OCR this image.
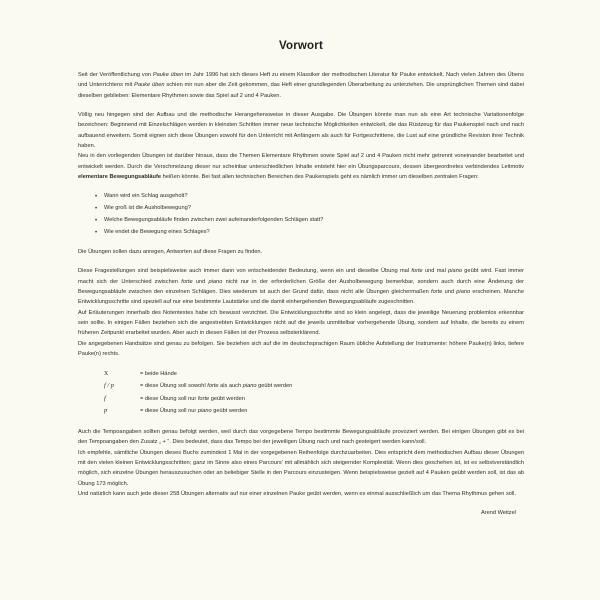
Vorwort

Seit der Veröffentlichung von Pauke üben im Jahr 1996 hat sich dieses Heft zu einem Klassiker der methodischen Literatur für Pauke entwickelt. Nach vielen Jahren des Übens und Unterrichtens mit Pauke üben schien mir nun aber die Zeit gekommen, das Heft einer grundlegenden Überarbeitung zu unterziehen. Die ursprünglichen Themen sind dabei dieselben geblieben: Elementare Rhythmen sowie das Spiel auf 2 und 4 Pauken.

Völlig neu hingegen sind der Aufbau und die methodische Herangehensweise in dieser Ausgabe. Die Übungen könnte man nun als eine Art technische Variationenfolge bezeichnen: Beginnend mit Einzelschlägen werden in kleinsten Schritten immer neue technische Möglichkeiten entwickelt, die das Rüstzeug für das Paukenspiel nach und nach aufbauend erweitern. Somit eignen sich diese Übungen sowohl für den Unterricht mit Anfängern als auch für Fortgeschrittene, die Lust auf eine gründliche Revision ihrer Technik haben.

Neu in den vorliegenden Übungen ist darüber hinaus, dass die Themen Elementare Rhythmen sowie Spiel auf 2 und 4 Pauken nicht mehr getrennt voneinander bearbeitet und entwickelt werden. Durch die Verschmelzung dieser nur scheinbar unterschiedlichen Inhalte entsteht hier ein Übungsparcours, dessen übergeordnetes verbindendes Leitmotiv elementare Bewegungsabläufe heißen könnte. Bei fast allen technischen Bereichen des Paukenspiels geht es nämlich immer um dieselben zentralen Fragen:

• Wann wird ein Schlag ausgeholt?
• Wie groß ist die Ausholbewegung?
• Welche Bewegungsabläufe finden zwischen zwei aufeinanderfolgenden Schlägen statt?
• Wie endet die Bewegung eines Schlages?

Die Übungen sollen dazu anregen, Antworten auf diese Fragen zu finden.

Diese Fragestellungen sind beispielsweise auch immer dann von entscheidender Bedeutung, wenn ein und dieselbe Übung mal forte und mal piano geübt wird. Fast immer macht sich der Unterschied zwischen forte und piano nicht nur in der erforderlichen Größe der Ausholbewegung bemerkbar, sondern auch durch eine Änderung der Bewegungsabläufe zwischen den einzelnen Schlägen. Dies wiederum ist auch der Grund dafür, dass nicht alle Übungen gleichermaßen forte und piano erscheinen. Manche Entwicklungsschritte sind speziell auf nur eine bestimmte Lautstärke und die damit einhergehenden Bewegungsabläufe zugeschnitten.

Auf Erläuterungen innerhalb des Notentextes habe ich bewusst verzichtet. Die Entwicklungsschritte sind so klein angelegt, dass die jeweilige Neuerung problemlos erkennbar sein sollte. In einigen Fällen beziehen sich die angestrebten Entwicklungen nicht auf die jeweils unmittelbar vorhergehende Übung, sondern auf Inhalte, die bereits zu einem früheren Zeitpunkt erarbeitet wurden. Aber auch in diesen Fällen ist der Prozess selbsterklärend.

Die angegebenen Handsätze sind genau zu befolgen. Sie beziehen sich auf die im deutschsprachigen Raum übliche Aufstellung der Instrumente: höhere Pauke(n) links, tiefere Pauke(n) rechts.

X	= beide Hände
f / p	= diese Übung soll sowohl forte als auch piano geübt werden
f	= diese Übung soll nur forte geübt werden
p	= diese Übung soll nur piano geübt werden

Auch die Tempoangaben sollten genau befolgt werden, weil durch das vorgegebene Tempo bestimmte Bewegungsabläufe provoziert werden. Bei einigen Übungen gibt es bei den Tempoangaben den Zusatz „ + “. Dies bedeutet, dass das Tempo bei der jeweiligen Übung nach und nach gesteigert werden kann/soll.

Ich empfehle, sämtliche Übungen dieses Buchs zumindest 1 Mal in der vorgegebenen Reihenfolge durchzuarbeiten. Dies entspricht dem methodischen Aufbau dieser Übungen mit den vielen kleinen Entwicklungsschritten; ganz im Sinne also eines Parcours’ mit allmählich sich steigernder Komplexität. Wenn dies geschehen ist, ist es selbstverständlich möglich, sich einzelne Übungen herauszusuchen oder an beliebiger Stelle in den Parcours einzusteigen. Wenn beispielsweise gezielt auf 4 Pauken geübt werden soll, ist das ab Übung 173 möglich.

Und natürlich kann auch jede dieser 258 Übungen alternativ auf nur einer einzelnen Pauke geübt werden, wenn es einmal ausschließlich um das Thema Rhythmus gehen soll.

Arend Weitzel
